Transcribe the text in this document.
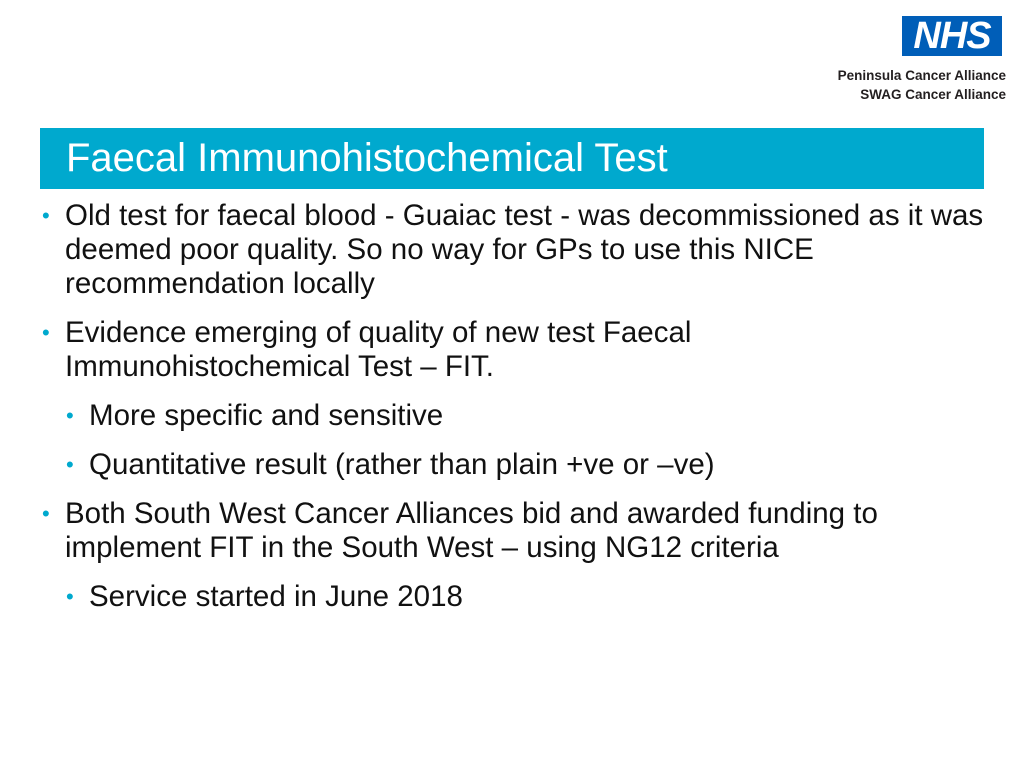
NHS
Peninsula Cancer Alliance
SWAG Cancer Alliance
Faecal Immunohistochemical Test
• Old test for faecal blood - Guaiac test - was decommissioned as it was deemed poor quality. So no way for GPs to use this NICE recommendation locally
• Evidence emerging of quality of new test Faecal Immunohistochemical Test – FIT.
• More specific and sensitive
• Quantitative result (rather than plain +ve or –ve)
• Both South West Cancer Alliances bid and awarded funding to implement FIT in the South West – using NG12 criteria
• Service started in June 2018
